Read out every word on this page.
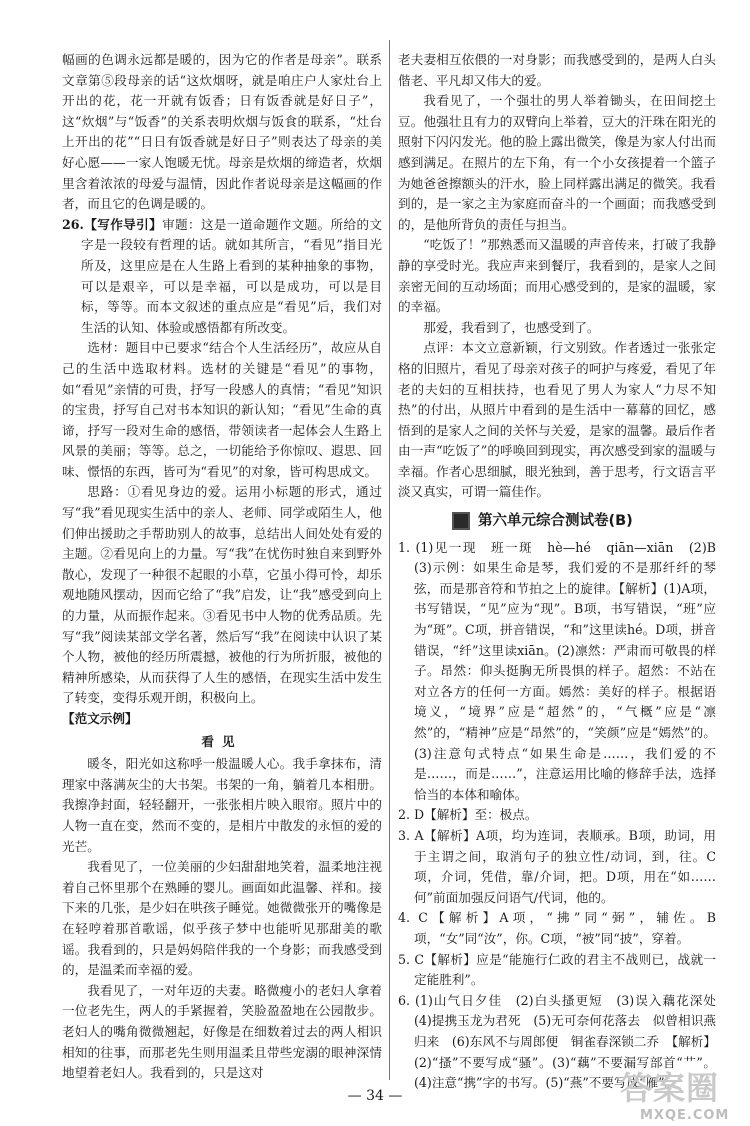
幅画的色调永远都是暖的，因为它的作者是母亲”。联系文章第⑤段母亲的话“这炊烟呀，就是咱庄户人家灶台上开出的花，花一开就有饭香；日有饭香就是好日子”，这“炊烟”与“饭香”的关系表明炊烟与饭食的联系，“灶台上开出的花”“日日有饭香就是好日子”则表达了母亲的美好心愿——一家人饱暖无忧。母亲是炊烟的缔造者，炊烟里含着浓浓的母爱与温情，因此作者说母亲是这幅画的作者，而且它的色调是暖的。

26.【写作导引】审题：这是一道命题作文题。所给的文字是一段较有哲理的话。就如其所言，“看见”指目光所及，这里应是在人生路上看到的某种抽象的事物，可以是艰辛，可以是幸福，可以是成功，可以是目标，等等。而本文叙述的重点应是“看见”后，我们对生活的认知、体验或感悟都有所改变。

选材：题目中已要求“结合个人生活经历”，故应从自己的生活中选取材料。选材的关键是“看见”的事物，如“看见”亲情的可贵，抒写一段感人的真情；“看见”知识的宝贵，抒写自己对书本知识的新认知；“看见”生命的真谛，抒写一段对生命的感悟，带领读者一起体会人生路上风景的美丽；等等。总之，一切能给予你惊叹、遐思、回味、憬悟的东西，皆可为“看见”的对象，皆可构思成文。

思路：①看见身边的爱。运用小标题的形式，通过写“我”看见现实生活中的亲人、老师、同学或陌生人，他们伸出援助之手帮助别人的故事，总结出人间处处有爱的主题。②看见向上的力量。写“我”在忧伤时独自来到野外散心，发现了一种很不起眼的小草，它虽小得可怜，却乐观地随风摆动，因而它给了“我”启发，让“我”感受到向上的力量，从而振作起来。③看见书中人物的优秀品质。先写“我”阅读某部文学名著，然后写“我”在阅读中认识了某个人物，被他的经历所震撼，被他的行为所折服，被他的精神所感染，从而获得了人生的感悟，在现实生活中发生了转变，变得乐观开朗，积极向上。

【范文示例】

看见

暖冬，阳光如这称呼一般温暖人心。我手拿抹布，清理家中落满灰尘的大书架。书架的一角，躺着几本相册。我擦净封面，轻轻翻开，一张张相片映入眼帘。照片中的人物一直在变，然而不变的，是相片中散发的永恒的爱的光芒。

我看见了，一位美丽的少妇甜甜地笑着，温柔地注视着自己怀里那个在熟睡的婴儿。画面如此温馨、祥和。接下来的几张，是少妇在哄孩子睡觉。她微微张开的嘴像是在轻哼着那首歌谣，似乎孩子梦中也能听见那甜美的歌谣。我看到的，只是妈妈陪伴我的一个身影；而我感受到的，是温柔而幸福的爱。

我看见了，一对年迈的夫妻。略微瘦小的老妇人拿着一位老先生，两人的手紧握着，笑脸盈盈地在公园散步。老妇人的嘴角微微翘起，好像是在细数着过去的两人相识相知的往事，而那老先生则用温柔且带些宠溺的眼神深情地望着老妇人。我看到的，只是这对

老夫妻相互依偎的一对身影；而我感受到的，是两人白头偕老、平凡却又伟大的爱。

我看见了，一个强壮的男人举着锄头，在田间挖土豆。他强壮且有力的双臂向上举着，豆大的汗珠在阳光的照射下闪闪发光。他的脸上露出微笑，像是为家人付出而感到满足。在照片的左下角，有一个小女孩提着一个篮子为她爸爸擦额头的汗水，脸上同样露出满足的微笑。我看到的，是一家之主为家庭而奋斗的一个画面；而我感受到的，是他所背负的责任与担当。

“吃饭了！”那熟悉而又温暖的声音传来，打破了我静静的享受时光。我应声来到餐厅，我看到的，是家人之间亲密无间的互动场面；而用心感受到的，是家的温暖，家的幸福。

那爱，我看到了，也感受到了。

点评：本文立意新颖，行文别致。作者透过一张张定格的旧照片，看见了母亲对孩子的呵护与疼爱，看见了年老的夫妇的互相扶持，也看见了男人为家人“力尽不知热”的付出，从照片中看到的是生活中一幕幕的回忆，感悟到的是家人之间的关怀与关爱，是家的温馨。最后作者由一声“吃饭了”的呼唤回到现实，再次感受到家的温暖与幸福。作者心思细腻，眼光独到，善于思考，行文语言平淡又真实，可谓一篇佳作。

第六单元综合测试卷(B)

1. (1)见一现　班一斑　hè—hé　qiān—xiān　(2)B　(3)示例：如果生命是琴，我们爱的不是那纤纤的琴弦，而是那音符和节拍之上的旋律。【解析】(1)A项，书写错误，“见”应为“现”。B项，书写错误，“班”应为“斑”。C项，拼音错误，“和”这里读hé。D项，拼音错误，“纤”这里读xiān。(2)凛然：严肃而可敬畏的样子。昂然：仰头挺胸无所畏惧的样子。超然：不站在对立各方的任何一方面。嫣然：美好的样子。根据语境义，“境界”应是“超然”的，“气概”应是“凛然”的，“精神”应是“昂然”的，“笑颜”应是“嫣然”的。(3)注意句式特点“如果生命是……，我们爱的不是……，而是……”，注意运用比喻的修辞手法，选择恰当的本体和喻体。

2. D【解析】至：极点。

3. A【解析】A项，均为连词，表顺承。B项，助词，用于主谓之间，取消句子的独立性/动词，到，往。C项，介词，凭借，靠/介词，把。D项，用在“如……何”前面加强反问语气/代词，他的。

4. C【解析】A项，“拂”同“弼”，辅佐。B项，“女”同“汝”，你。C项，“被”同“披”，穿着。

5. C【解析】应是“能施行仁政的君主不战则已，战就一定能胜利”。

6. (1)山气日夕佳　(2)白头搔更短　(3)误入藕花深处　(4)提携玉龙为君死　(5)无可奈何花落去　似曾相识燕归来　(6)东风不与周郎便　铜雀春深锁二乔　【解析】(2)“搔”不要写成“骚”。(3)“藕”不要漏写部首“艹”。(4)注意“携”字的书写。(5)“燕”不要写成“雁”。

— 34 —	答案圈
MXQE.COM
